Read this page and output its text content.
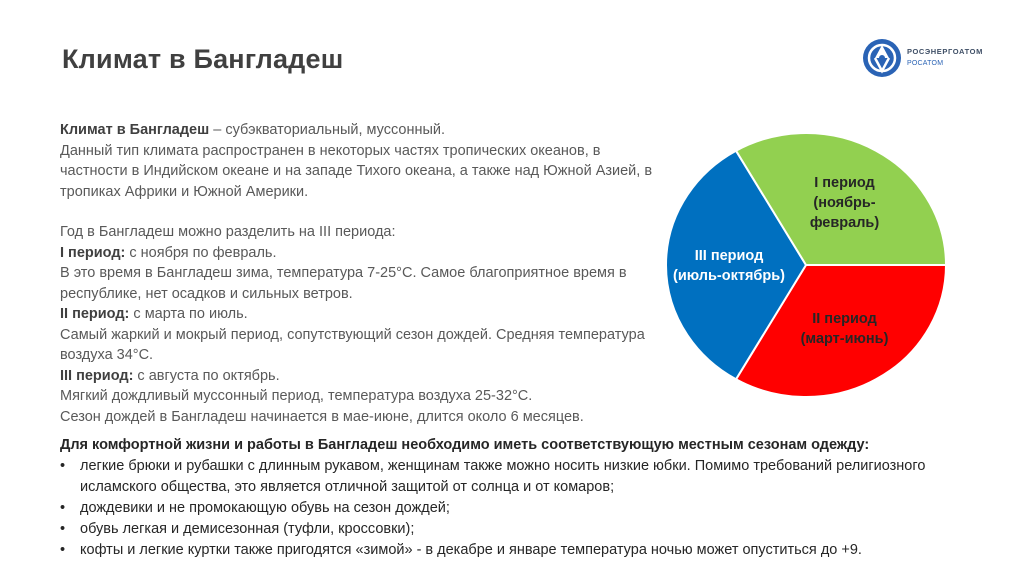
Климат в Бангладеш	РОСЭНЕРГОАТОМ
РОСАТОМ

Климат в Бангладеш – субэкваториальный, муссонный.

Данный тип климата распространен в некоторых частях тропических океанов, в частности в Индийском океане и на западе Тихого океана, а также над Южной Азией, в тропиках Африки и Южной Америки.

Год в Бангладеш можно разделить на III периода:

I период: с ноября по февраль.

В это время в Бангладеш зима, температура 7-25°С. Самое благоприятное время в республике, нет осадков и сильных ветров.

II период: с марта по июль.

Самый жаркий и мокрый период, сопутствующий сезон дождей. Средняя температура воздуха 34°С.

III период: с августа по октябрь.

Мягкий дождливый муссонный период, температура воздуха 25-32°С.

Сезон дождей в Бангладеш начинается в мае-июне, длится около 6 месяцев.

II период (март-июнь)
III период (июль-октябрь)
I период (ноябрь-февраль)

Для комфортной жизни и работы в Бангладеш необходимо иметь соответствующую местным сезонам одежду:

• легкие брюки и рубашки с длинным рукавом, женщинам также можно носить низкие юбки. Помимо требований религиозного исламского общества, это является отличной защитой от солнца и от комаров;
• дождевики и не промокающую обувь на сезон дождей;
• обувь легкая и демисезонная (туфли, кроссовки);
• кофты и легкие куртки также пригодятся «зимой» - в декабре и январе температура ночью может опуститься до +9.
